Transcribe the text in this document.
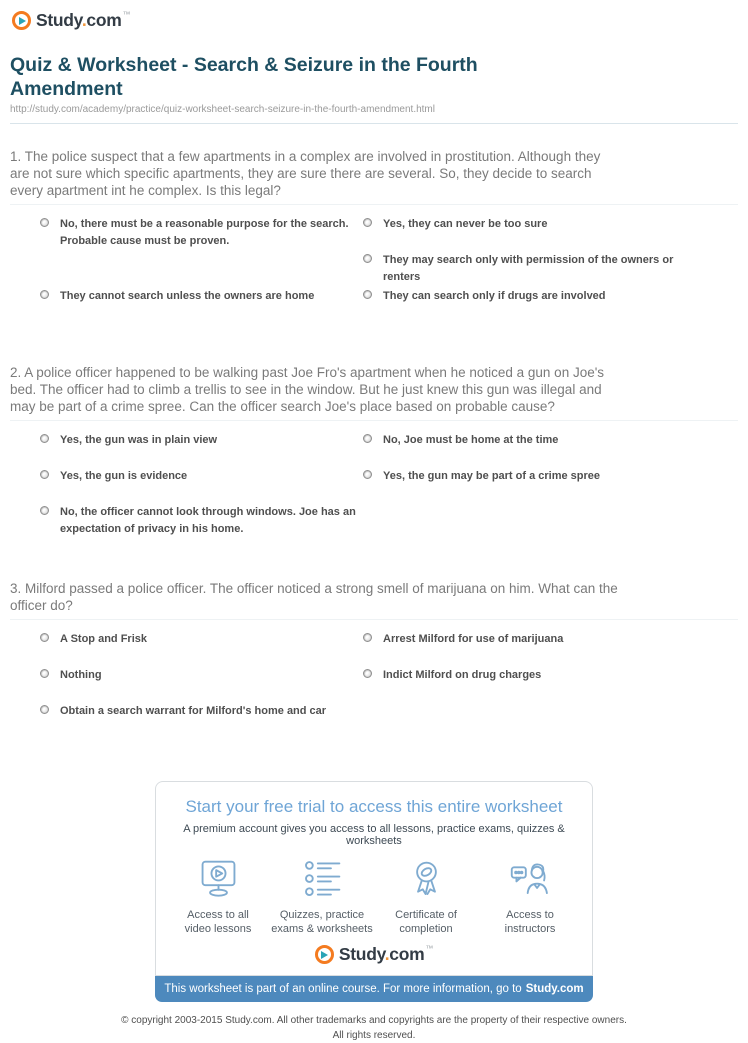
Study.com™
Quiz & Worksheet - Search & Seizure in the Fourth Amendment
http://study.com/academy/practice/quiz-worksheet-search-seizure-in-the-fourth-amendment.html
1. The police suspect that a few apartments in a complex are involved in prostitution. Although they are not sure which specific apartments, they are sure there are several. So, they decide to search every apartment int he complex. Is this legal?
No, there must be a reasonable purpose for the search. Probable cause must be proven.
Yes, they can never be too sure
They may search only with permission of the owners or renters
They cannot search unless the owners are home	They can search only if drugs are involved
2. A police officer happened to be walking past Joe Fro's apartment when he noticed a gun on Joe's bed. The officer had to climb a trellis to see in the window. But he just knew this gun was illegal and may be part of a crime spree. Can the officer search Joe's place based on probable cause?
Yes, the gun was in plain view	No, Joe must be home at the time
Yes, the gun is evidence	Yes, the gun may be part of a crime spree
No, the officer cannot look through windows. Joe has an expectation of privacy in his home.
3. Milford passed a police officer. The officer noticed a strong smell of marijuana on him. What can the officer do?
A Stop and Frisk	Arrest Milford for use of marijuana
Nothing	Indict Milford on drug charges
Obtain a search warrant for Milford's home and car
Start your free trial to access this entire worksheet
A premium account gives you access to all lessons, practice exams, quizzes & worksheets
Access to all video lessons
Quizzes, practice exams & worksheets
Certificate of completion
Access to instructors
Study.com™
This worksheet is part of an online course. For more information, go to Study.com
© copyright 2003-2015 Study.com. All other trademarks and copyrights are the property of their respective owners.
All rights reserved.
